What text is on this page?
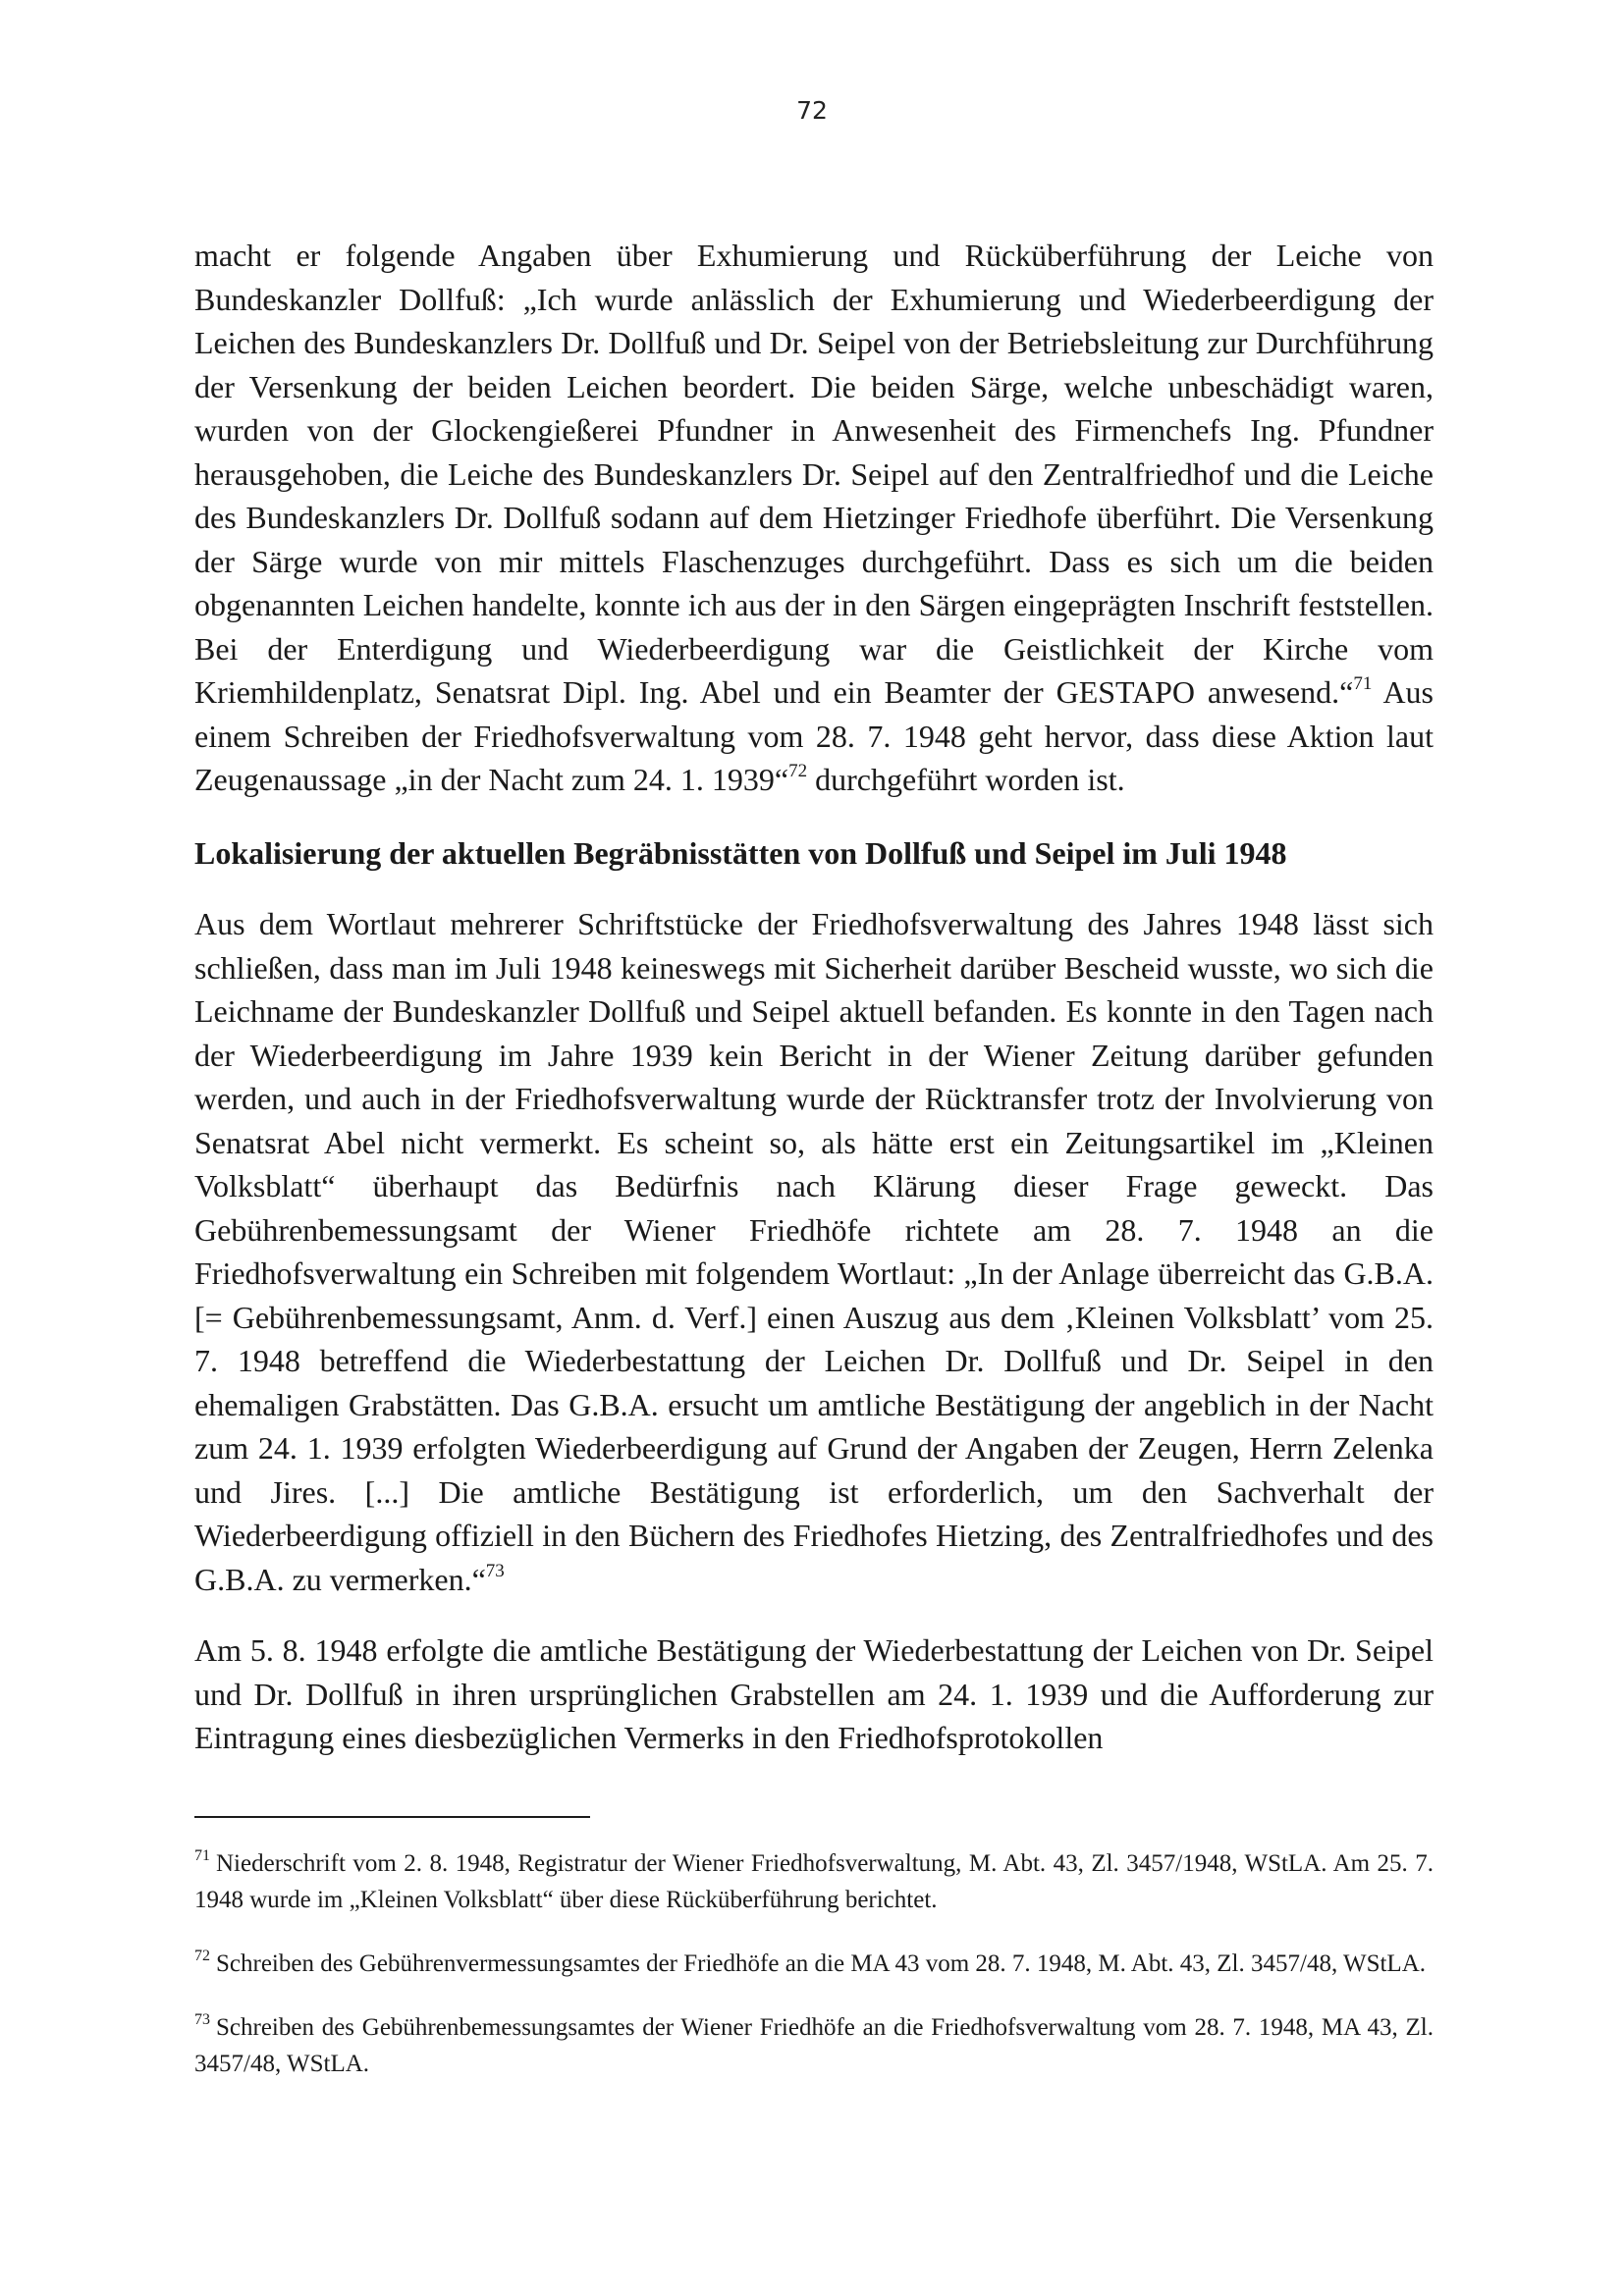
72

macht er folgende Angaben über Exhumierung und Rücküberführung der Leiche von Bundeskanzler Dollfuß: „Ich wurde anlässlich der Exhumierung und Wiederbeerdigung der Leichen des Bundeskanzlers Dr. Dollfuß und Dr. Seipel von der Betriebsleitung zur Durchführung der Versenkung der beiden Leichen beordert. Die beiden Särge, welche unbeschädigt waren, wurden von der Glockengießerei Pfundner in Anwesenheit des Firmenchefs Ing. Pfundner herausgehoben, die Leiche des Bundeskanzlers Dr. Seipel auf den Zentralfriedhof und die Leiche des Bundeskanzlers Dr. Dollfuß sodann auf dem Hietzinger Friedhofe überführt. Die Versenkung der Särge wurde von mir mittels Flaschenzuges durchgeführt. Dass es sich um die beiden obgenannten Leichen handelte, konnte ich aus der in den Särgen eingeprägten Inschrift feststellen. Bei der Enterdigung und Wiederbeerdigung war die Geistlichkeit der Kirche vom Kriemhildenplatz, Senatsrat Dipl. Ing. Abel und ein Beamter der GESTAPO anwesend.“$^{71}$ Aus einem Schreiben der Friedhofsverwaltung vom 28. 7. 1948 geht hervor, dass diese Aktion laut Zeugenaussage „in der Nacht zum 24. 1. 1939“$^{72}$ durchgeführt worden ist.

Lokalisierung der aktuellen Begräbnisstätten von Dollfuß und Seipel im Juli 1948

Aus dem Wortlaut mehrerer Schriftstücke der Friedhofsverwaltung des Jahres 1948 lässt sich schließen, dass man im Juli 1948 keineswegs mit Sicherheit darüber Bescheid wusste, wo sich die Leichname der Bundeskanzler Dollfuß und Seipel aktuell befanden. Es konnte in den Tagen nach der Wiederbeerdigung im Jahre 1939 kein Bericht in der Wiener Zeitung darüber gefunden werden, und auch in der Friedhofsverwaltung wurde der Rücktransfer trotz der Involvierung von Senatsrat Abel nicht vermerkt. Es scheint so, als hätte erst ein Zeitungsartikel im „Kleinen Volksblatt“ überhaupt das Bedürfnis nach Klärung dieser Frage geweckt. Das Gebührenbemessungsamt der Wiener Friedhöfe richtete am 28. 7. 1948 an die Friedhofsverwaltung ein Schreiben mit folgendem Wortlaut: „In der Anlage überreicht das G.B.A. [= Gebührenbemessungsamt, Anm. d. Verf.] einen Auszug aus dem ‚Kleinen Volksblatt’ vom 25. 7. 1948 betreffend die Wiederbestattung der Leichen Dr. Dollfuß und Dr. Seipel in den ehemaligen Grabstätten. Das G.B.A. ersucht um amtliche Bestätigung der angeblich in der Nacht zum 24. 1. 1939 erfolgten Wiederbeerdigung auf Grund der Angaben der Zeugen, Herrn Zelenka und Jires. [...] Die amtliche Bestätigung ist erforderlich, um den Sachverhalt der Wiederbeerdigung offiziell in den Büchern des Friedhofes Hietzing, des Zentralfriedhofes und des G.B.A. zu vermerken.“$^{73}$

Am 5. 8. 1948 erfolgte die amtliche Bestätigung der Wiederbestattung der Leichen von Dr. Seipel und Dr. Dollfuß in ihren ursprünglichen Grabstellen am 24. 1. 1939 und die Aufforderung zur Eintragung eines diesbezüglichen Vermerks in den Friedhofsprotokollen

$^{71}$ Niederschrift vom 2. 8. 1948, Registratur der Wiener Friedhofsverwaltung, M. Abt. 43, Zl. 3457/1948, WStLA. Am 25. 7. 1948 wurde im „Kleinen Volksblatt“ über diese Rücküberführung berichtet.

$^{72}$ Schreiben des Gebührenvermessungsamtes der Friedhöfe an die MA 43 vom 28. 7. 1948, M. Abt. 43, Zl. 3457/48, WStLA.

$^{73}$ Schreiben des Gebührenbemessungsamtes der Wiener Friedhöfe an die Friedhofsverwaltung vom 28. 7. 1948, MA 43, Zl. 3457/48, WStLA.
